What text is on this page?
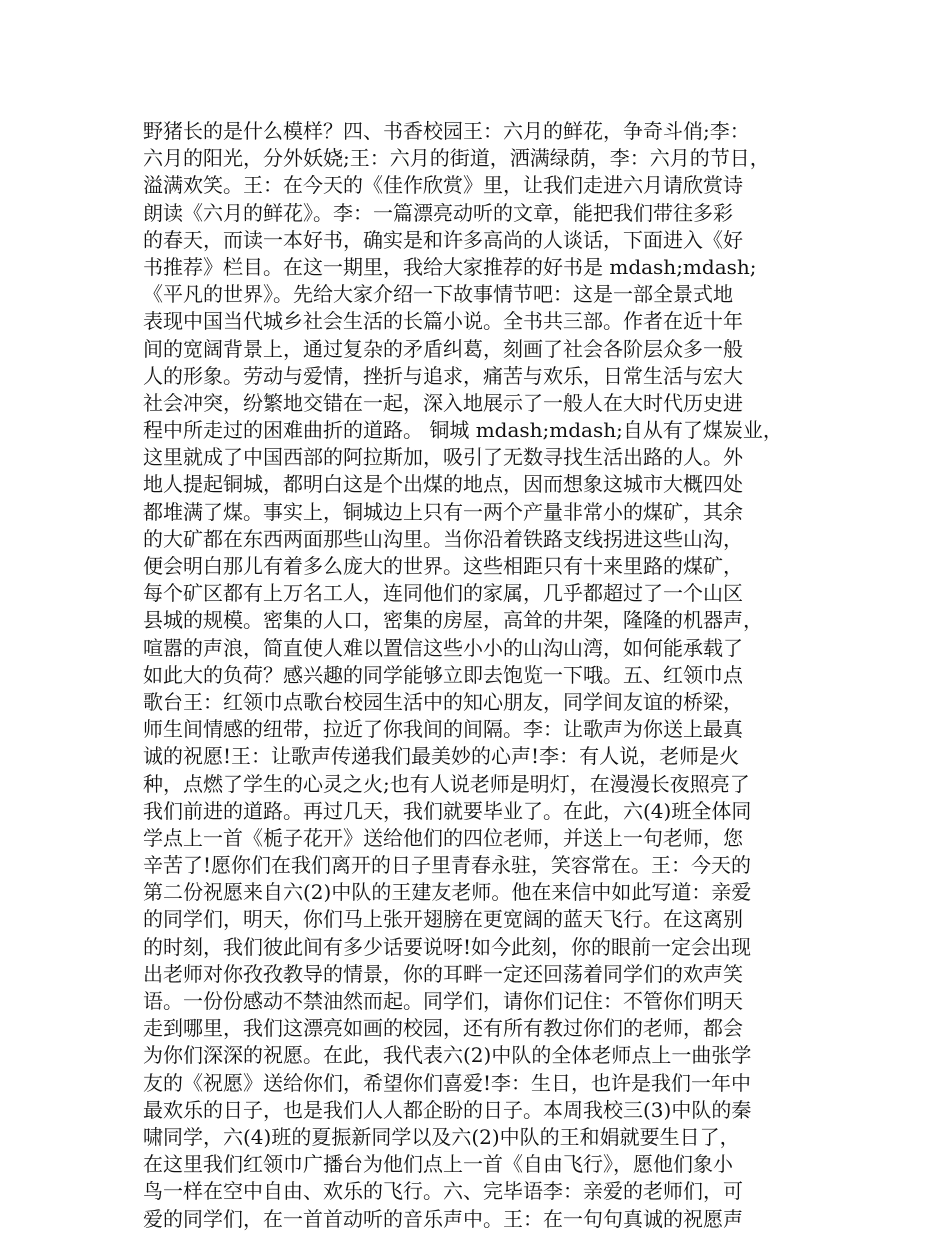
野猪长的是什么模样？四、书香校园王：六月的鲜花，争奇斗俏;李：
六月的阳光，分外妖娆;王：六月的街道，洒满绿荫，李：六月的节日，
溢满欢笑。王：在今天的《佳作欣赏》里，让我们走进六月请欣赏诗
朗读《六月的鲜花》。李：一篇漂亮动听的文章，能把我们带往多彩
的春天，而读一本好书，确实是和许多高尚的人谈话，下面进入《好
书推荐》栏目。在这一期里，我给大家推荐的好书是 mdash;mdash;
《平凡的世界》。先给大家介绍一下故事情节吧：这是一部全景式地
表现中国当代城乡社会生活的长篇小说。全书共三部。作者在近十年
间的宽阔背景上，通过复杂的矛盾纠葛，刻画了社会各阶层众多一般
人的形象。劳动与爱情，挫折与追求，痛苦与欢乐，日常生活与宏大
社会冲突，纷繁地交错在一起，深入地展示了一般人在大时代历史进
程中所走过的困难曲折的道路。 铜城 mdash;mdash;自从有了煤炭业，
这里就成了中国西部的阿拉斯加，吸引了无数寻找生活出路的人。外
地人提起铜城，都明白这是个出煤的地点，因而想象这城市大概四处
都堆满了煤。事实上，铜城边上只有一两个产量非常小的煤矿，其余
的大矿都在东西两面那些山沟里。当你沿着铁路支线拐进这些山沟，
便会明白那儿有着多么庞大的世界。这些相距只有十来里路的煤矿，
每个矿区都有上万名工人，连同他们的家属，几乎都超过了一个山区
县城的规模。密集的人口，密集的房屋，高耸的井架，隆隆的机器声，
喧嚣的声浪，简直使人难以置信这些小小的山沟山湾，如何能承载了
如此大的负荷？感兴趣的同学能够立即去饱览一下哦。五、红领巾点
歌台王：红领巾点歌台校园生活中的知心朋友，同学间友谊的桥梁，
师生间情感的纽带，拉近了你我间的间隔。李：让歌声为你送上最真
诚的祝愿!王：让歌声传递我们最美妙的心声!李：有人说，老师是火
种，点燃了学生的心灵之火;也有人说老师是明灯，在漫漫长夜照亮了
我们前进的道路。再过几天，我们就要毕业了。在此，六(4)班全体同
学点上一首《栀子花开》送给他们的四位老师，并送上一句老师，您
辛苦了!愿你们在我们离开的日子里青春永驻，笑容常在。王：今天的
第二份祝愿来自六(2)中队的王建友老师。他在来信中如此写道：亲爱
的同学们，明天，你们马上张开翅膀在更宽阔的蓝天飞行。在这离别
的时刻，我们彼此间有多少话要说呀!如今此刻，你的眼前一定会出现
出老师对你孜孜教导的情景，你的耳畔一定还回荡着同学们的欢声笑
语。一份份感动不禁油然而起。同学们，请你们记住：不管你们明天
走到哪里，我们这漂亮如画的校园，还有所有教过你们的老师，都会
为你们深深的祝愿。在此，我代表六(2)中队的全体老师点上一曲张学
友的《祝愿》送给你们，希望你们喜爱!李：生日，也许是我们一年中
最欢乐的日子，也是我们人人都企盼的日子。本周我校三(3)中队的秦
啸同学，六(4)班的夏振新同学以及六(2)中队的王和娟就要生日了，
在这里我们红领巾广播台为他们点上一首《自由飞行》，愿他们象小
鸟一样在空中自由、欢乐的飞行。六、完毕语李：亲爱的老师们，可
爱的同学们，在一首首动听的音乐声中。王：在一句句真诚的祝愿声
